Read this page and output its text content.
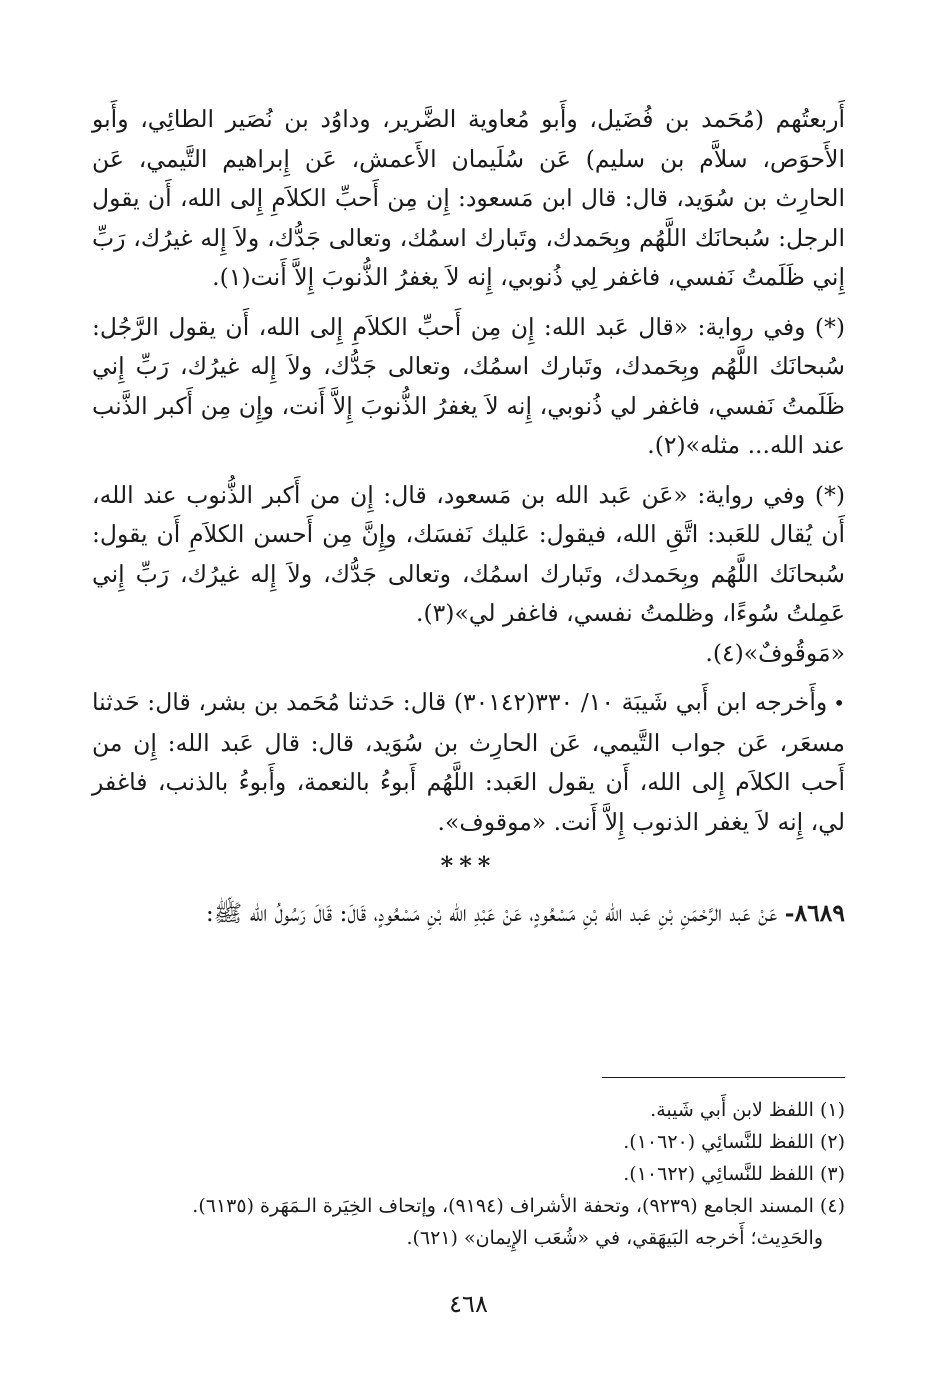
أَربعتُهم (مُحَمد بن فُضَيل، وأَبو مُعاوية الضَّرير، وداوُد بن نُصَير الطائِي، وأَبو الأَحوَص، سلاَّم بن سليم) عَن سُلَيمان الأَعمش، عَن إِبراهيم التَّيمي، عَن الحارِث بن سُوَيد، قال: قال ابن مَسعود: إِن مِن أَحبِّ الكلاَمِ إِلى الله، أَن يقول الرجل: سُبحانَك اللَّهُم وبِحَمدك، وتَبارك اسمُك، وتعالى جَدُّك، ولاَ إِله غيرُك، رَبِّ إِني ظَلَمتُ نَفسي، فاغفر لِي ذُنوبي، إِنه لاَ يغفرُ الذُّنوبَ إِلاَّ أَنت(١).

(*) وفي رواية: «قال عَبد الله: إِن مِن أَحبِّ الكلاَمِ إِلى الله، أَن يقول الرَّجُل: سُبحانَك اللَّهُم وبِحَمدك، وتَبارك اسمُك، وتعالى جَدُّك، ولاَ إِله غيرُك، رَبِّ إِني ظَلَمتُ نَفسي، فاغفر لي ذُنوبي، إِنه لاَ يغفرُ الذُّنوبَ إِلاَّ أَنت، وإِن مِن أَكبر الذَّنب عند الله... مثله»(٢).

(*) وفي رواية: «عَن عَبد الله بن مَسعود، قال: إِن من أَكبر الذُّنوب عند الله، أَن يُقال للعَبد: اتَّقِ الله، فيقول: عَليك نَفسَك، وإِنَّ مِن أَحسن الكلاَمِ أَن يقول: سُبحانَك اللَّهُم وبِحَمدك، وتَبارك اسمُك، وتعالى جَدُّك، ولاَ إِله غيرُك، رَبِّ إِني عَمِلتُ سُوءًا، وظلمتُ نفسي، فاغفر لي»(٣).

«مَوقُوفٌ»(٤).

•وأَخرجه ابن أَبي شَيبَة ١٠/ ٣٣٠(٣٠١٤٢) قال: حَدثنا مُحَمد بن بشر، قال: حَدثنا مسعَر، عَن جواب التَّيمي، عَن الحارِث بن سُوَيد، قال: قال عَبد الله: إِن من أَحب الكلاَم إِلى الله، أَن يقول العَبد: اللَّهُم أَبوءُ بالنعمة، وأَبوءُ بالذنب، فاغفر لي، إِنه لاَ يغفر الذنوب إِلاَّ أَنت. «موقوف».

***

٨٦٨٩- عَنْ عَبد الرَّحْمَنِ بْنِ عَبد الله بْنِ مَسْعُودٍ، عَنْ عَبْدِ الله بْنِ مَسْعُودٍ، قَالَ: قَالَ رَسُولُ الله ﷺ:

(١) اللفظ لابن أَبي شَيبة.

(٢) اللفظ للنَّسائِي (١٠٦٢٠).

(٣) اللفظ للنَّسائِي (١٠٦٢٢).

(٤) المسند الجامع (٩٢٣٩)، وتحفة الأشراف (٩١٩٤)، وإتحاف الخِيَرة الـمَهَرة (٦١٣٥).

والحَدِيث؛ أَخرجه البَيهَقي، في «شُعَب الإِيمان» (٦٢١).

٤٦٨
